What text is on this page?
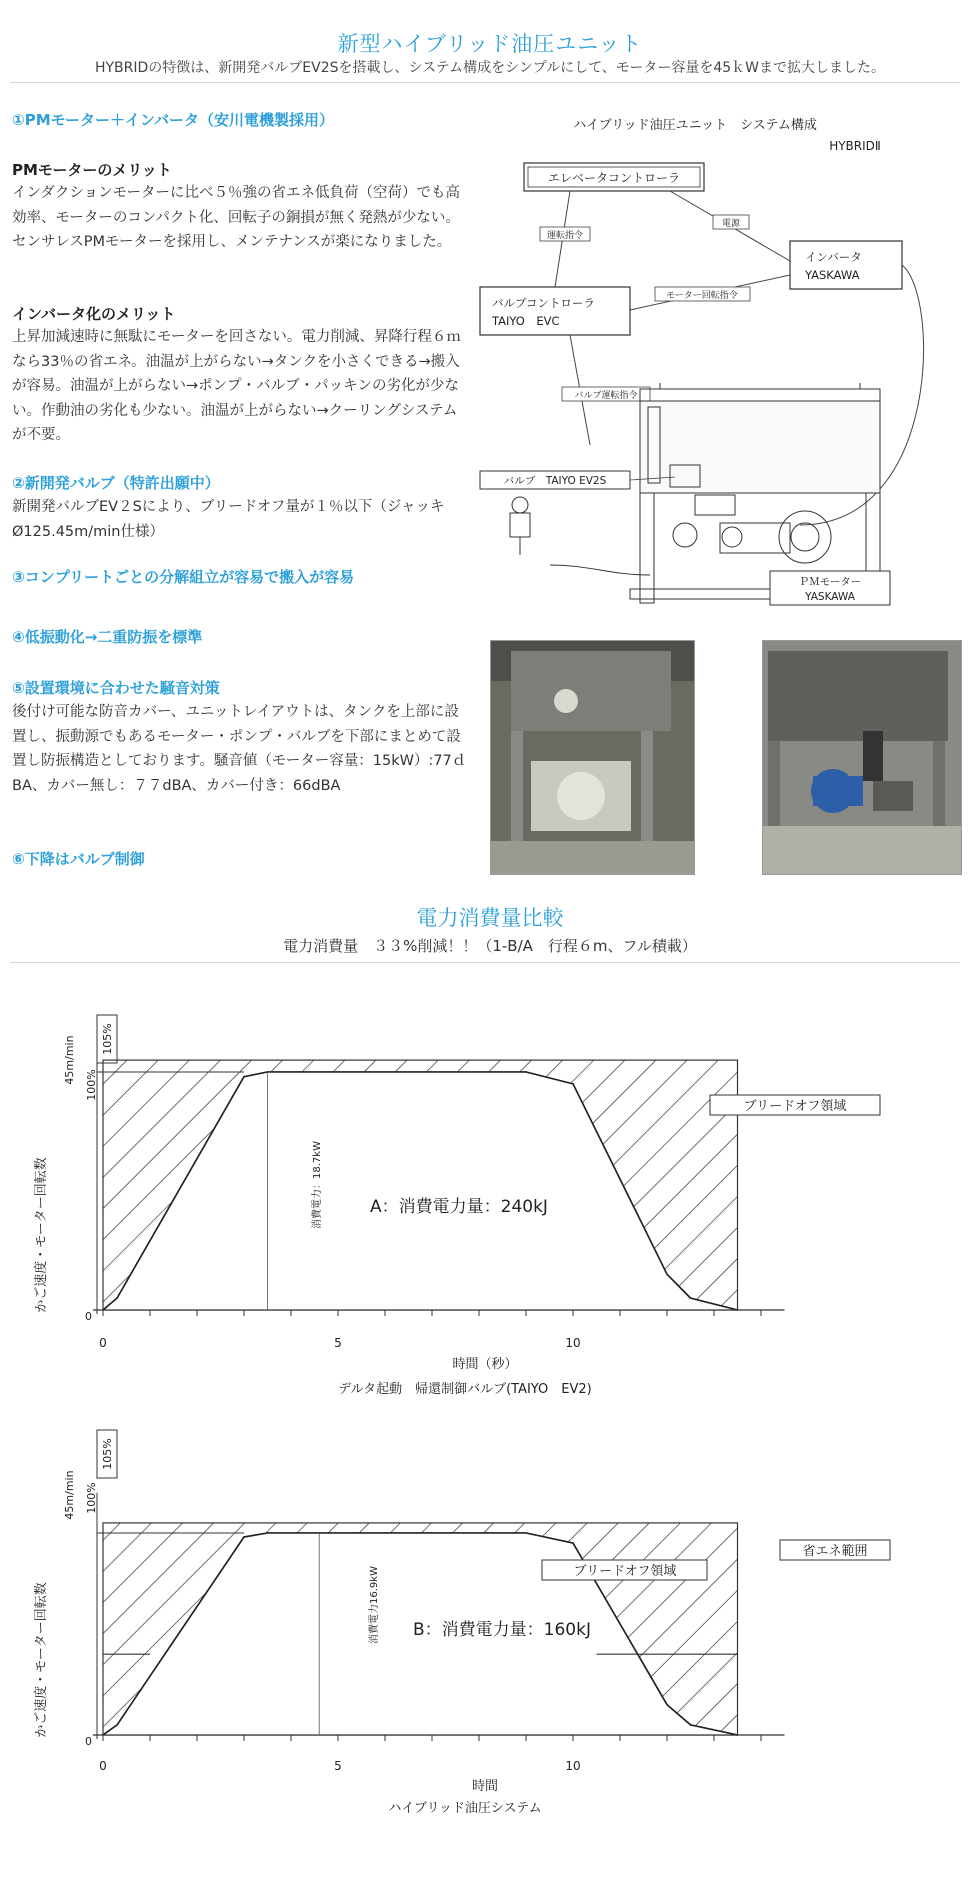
新型ハイブリッド油圧ユニット
HYBRIDの特徴は、新開発バルブEV2Sを搭載し、システム構成をシンプルにして、モーター容量を45ｋWまで拡大しました。
①PMモーター＋インバータ（安川電機製採用）
PMモーターのメリット
インダクションモーターに比べ５％強の省エネ低負荷（空荷）でも高効率、モーターのコンパクト化、回転子の銅損が無く発熱が少ない。センサレスPMモーターを採用し、メンテナンスが楽になりました。
インバータ化のメリット
上昇加減速時に無駄にモーターを回さない。電力削減、昇降行程６ｍなら33％の省エネ。油温が上がらない→タンクを小さくできる→搬入が容易。油温が上がらない→ポンプ・バルブ・パッキンの劣化が少ない。作動油の劣化も少ない。油温が上がらない→クーリングシステムが不要。
②新開発バルブ（特許出願中）
新開発バルブEV２Sにより、ブリードオフ量が１％以下（ジャッキØ125.45m/min仕様）
③コンプリートごとの分解組立が容易で搬入が容易
④低振動化→二重防振を標準
⑤設置環境に合わせた騒音対策
後付け可能な防音カバー、ユニットレイアウトは、タンクを上部に設置し、振動源でもあるモーター・ポンプ・バルブを下部にまとめて設置し防振構造としております。騒音値（モーター容量：15kW）:77ｄBA、カバー無し：７７dBA、カバー付き：66dBA
⑥下降はバルブ制御
ハイブリッド油圧ユニット　システム構成
HYBRIDⅡ
エレベータコントローラ
バルブコントローラ
TAIYO　EVC
インバータ
YASKAWA
運転指令
電源
モーター回転指令
バルブ運転指令
バルブ　TAIYO EV2S
ＰＭモーター
YASKAWA
電力消費量比較
電力消費量　３３%削減！！（1-B/A　行程６m、フル積載）
かご速度・モーター回転数
45m/min 105%
100%
0
0	5	10
時間（秒）
デルタ起動　帰還制御バルブ(TAIYO　EV2)
ブリードオフ領域
消費電力：18.7kW	A：消費電力量：240kJ
かご速度・モーター回転数
45m/min
105%
100%
0
0	5	10
時間
ハイブリッド油圧システム
ブリードオフ領域
省エネ範囲
消費電力16.9kW B：消費電力量：160kJ
